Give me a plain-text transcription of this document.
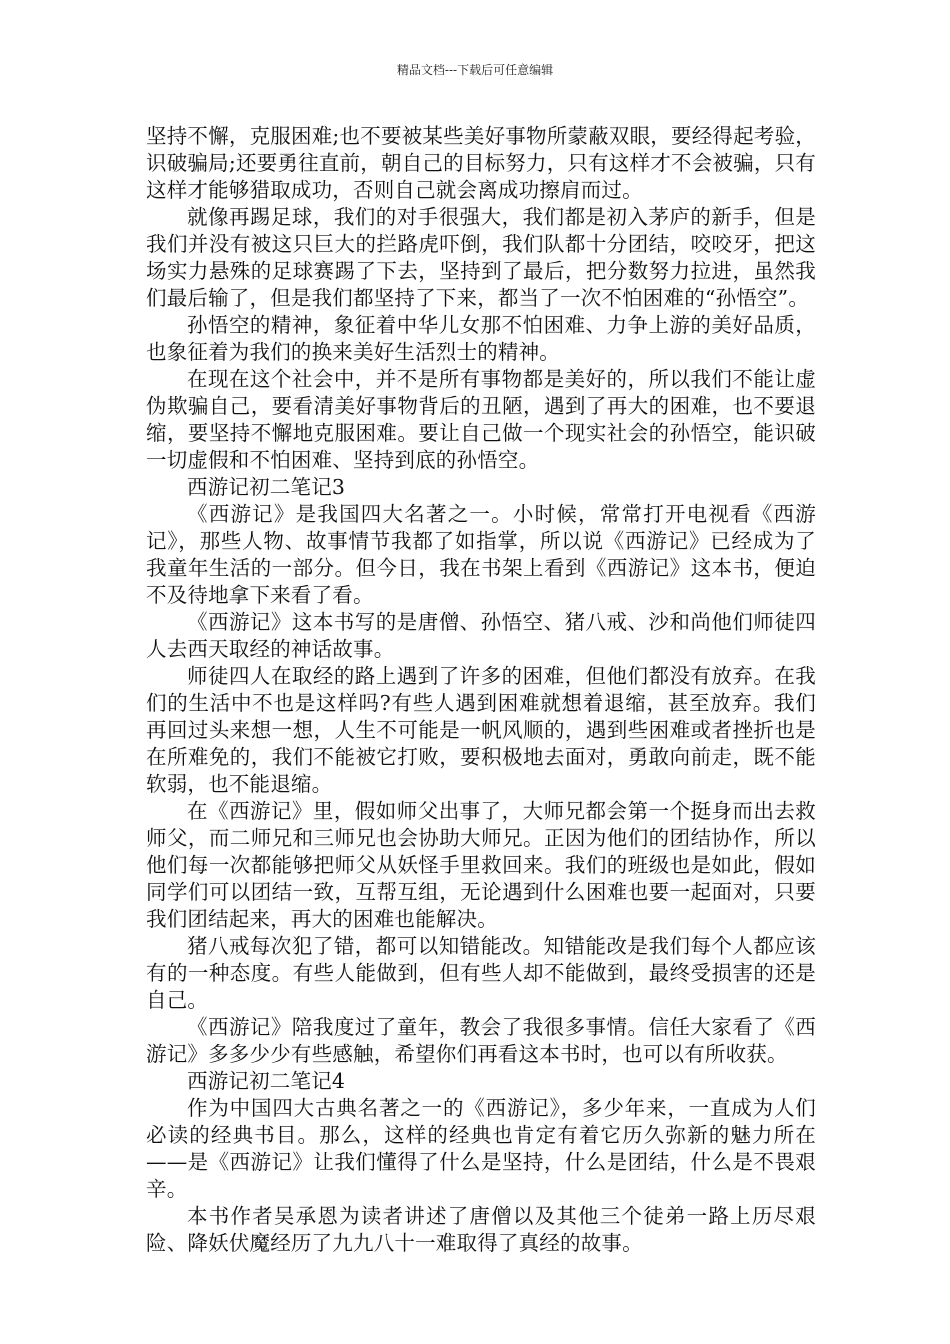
精品文档---下载后可任意编辑

坚持不懈，克服困难;也不要被某些美好事物所蒙蔽双眼，要经得起考验，识破骗局;还要勇往直前，朝自己的目标努力，只有这样才不会被骗，只有这样才能够猎取成功，否则自己就会离成功擦肩而过。

就像再踢足球，我们的对手很强大，我们都是初入茅庐的新手，但是我们并没有被这只巨大的拦路虎吓倒，我们队都十分团结，咬咬牙，把这场实力悬殊的足球赛踢了下去，坚持到了最后，把分数努力拉进，虽然我们最后输了，但是我们都坚持了下来，都当了一次不怕困难的“孙悟空”。

孙悟空的精神，象征着中华儿女那不怕困难、力争上游的美好品质，也象征着为我们的换来美好生活烈士的精神。

在现在这个社会中，并不是所有事物都是美好的，所以我们不能让虚伪欺骗自己，要看清美好事物背后的丑陋，遇到了再大的困难，也不要退缩，要坚持不懈地克服困难。要让自己做一个现实社会的孙悟空，能识破一切虚假和不怕困难、坚持到底的孙悟空。

西游记初二笔记3

《西游记》是我国四大名著之一。小时候，常常打开电视看《西游记》，那些人物、故事情节我都了如指掌，所以说《西游记》已经成为了我童年生活的一部分。但今日，我在书架上看到《西游记》这本书，便迫不及待地拿下来看了看。

《西游记》这本书写的是唐僧、孙悟空、猪八戒、沙和尚他们师徒四人去西天取经的神话故事。

师徒四人在取经的路上遇到了许多的困难，但他们都没有放弃。在我们的生活中不也是这样吗?有些人遇到困难就想着退缩，甚至放弃。我们再回过头来想一想，人生不可能是一帆风顺的，遇到些困难或者挫折也是在所难免的，我们不能被它打败，要积极地去面对，勇敢向前走，既不能软弱，也不能退缩。

在《西游记》里，假如师父出事了，大师兄都会第一个挺身而出去救师父，而二师兄和三师兄也会协助大师兄。正因为他们的团结协作，所以他们每一次都能够把师父从妖怪手里救回来。我们的班级也是如此，假如同学们可以团结一致，互帮互组，无论遇到什么困难也要一起面对，只要我们团结起来，再大的困难也能解决。

猪八戒每次犯了错，都可以知错能改。知错能改是我们每个人都应该有的一种态度。有些人能做到，但有些人却不能做到，最终受损害的还是自己。

《西游记》陪我度过了童年，教会了我很多事情。信任大家看了《西游记》多多少少有些感触，希望你们再看这本书时，也可以有所收获。

西游记初二笔记4

作为中国四大古典名著之一的《西游记》，多少年来，一直成为人们必读的经典书目。那么，这样的经典也肯定有着它历久弥新的魅力所在——是《西游记》让我们懂得了什么是坚持，什么是团结，什么是不畏艰辛。

本书作者吴承恩为读者讲述了唐僧以及其他三个徒弟一路上历尽艰险、降妖伏魔经历了九九八十一难取得了真经的故事。
